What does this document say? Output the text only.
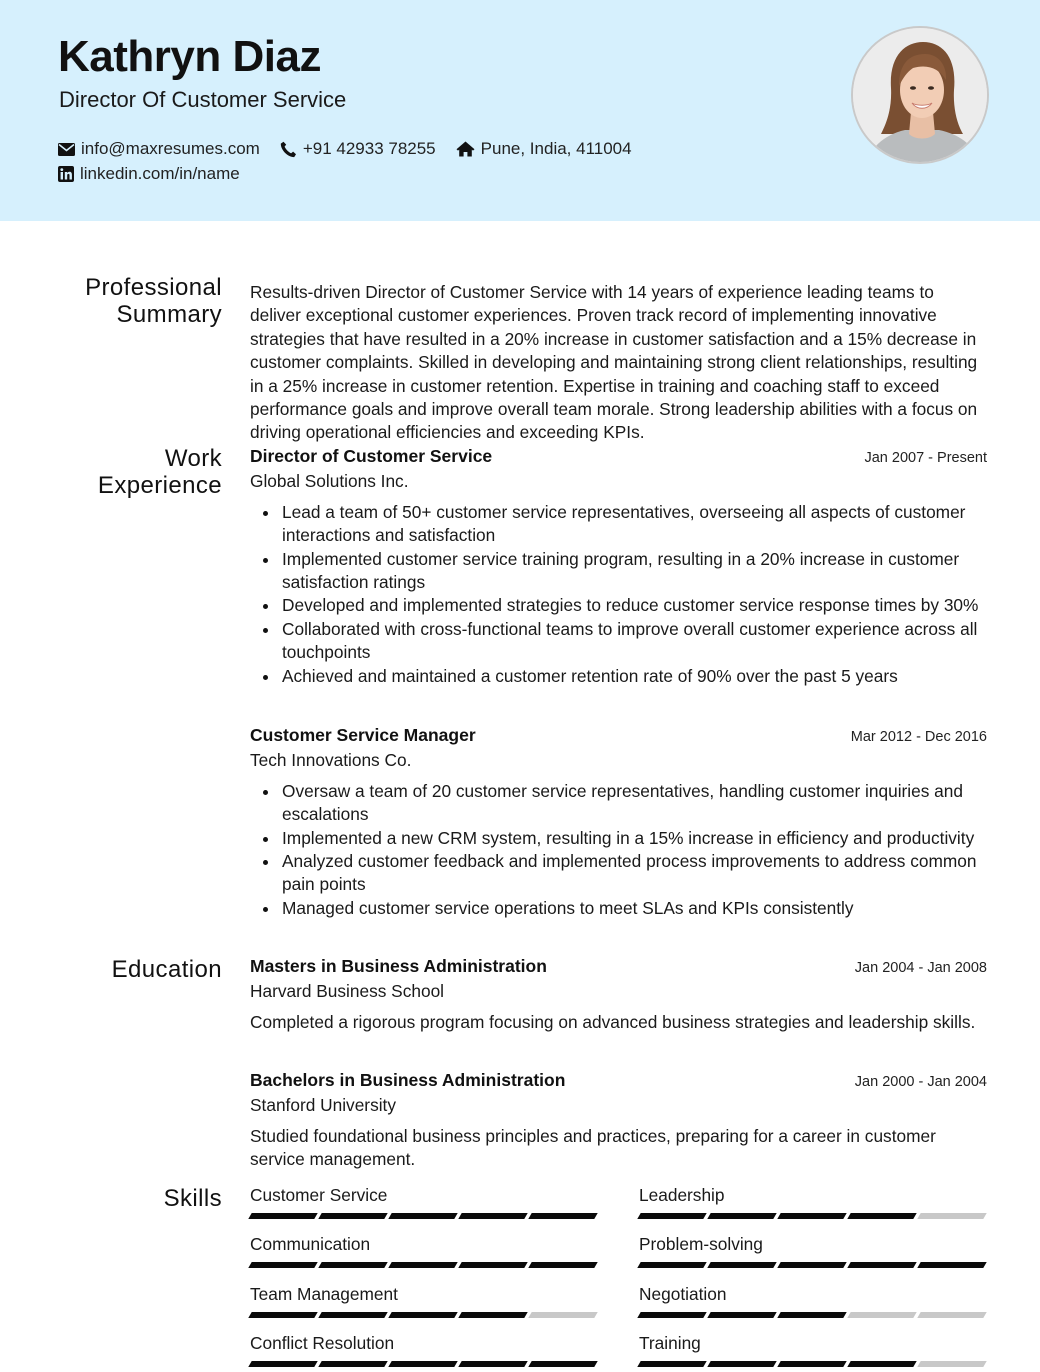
Kathryn Diaz
Director Of Customer Service
info@maxresumes.com	+91 42933 78255	Pune, India, 411004
linkedin.com/in/name
Professional Summary
Results-driven Director of Customer Service with 14 years of experience leading teams to deliver exceptional customer experiences. Proven track record of implementing innovative strategies that have resulted in a 20% increase in customer satisfaction and a 15% decrease in customer complaints. Skilled in developing and maintaining strong client relationships, resulting in a 25% increase in customer retention. Expertise in training and coaching staff to exceed performance goals and improve overall team morale. Strong leadership abilities with a focus on driving operational efficiencies and exceeding KPIs.
Work Experience
Director of Customer Service	Jan 2007 - Present
Global Solutions Inc.
Lead a team of 50+ customer service representatives, overseeing all aspects of customer interactions and satisfaction
Implemented customer service training program, resulting in a 20% increase in customer satisfaction ratings
Developed and implemented strategies to reduce customer service response times by 30%
Collaborated with cross-functional teams to improve overall customer experience across all touchpoints
Achieved and maintained a customer retention rate of 90% over the past 5 years
Customer Service Manager	Mar 2012 - Dec 2016
Tech Innovations Co.
Oversaw a team of 20 customer service representatives, handling customer inquiries and escalations
Implemented a new CRM system, resulting in a 15% increase in efficiency and productivity
Analyzed customer feedback and implemented process improvements to address common pain points
Managed customer service operations to meet SLAs and KPIs consistently
Education Masters in Business Administration	Jan 2004 - Jan 2008
Harvard Business School
Completed a rigorous program focusing on advanced business strategies and leadership skills.
Bachelors in Business Administration	Jan 2000 - Jan 2004
Stanford University
Studied foundational business principles and practices, preparing for a career in customer service management.
Skills Customer Service	Leadership
Communication	Problem-solving
Team Management	Negotiation
Conflict Resolution	Training
